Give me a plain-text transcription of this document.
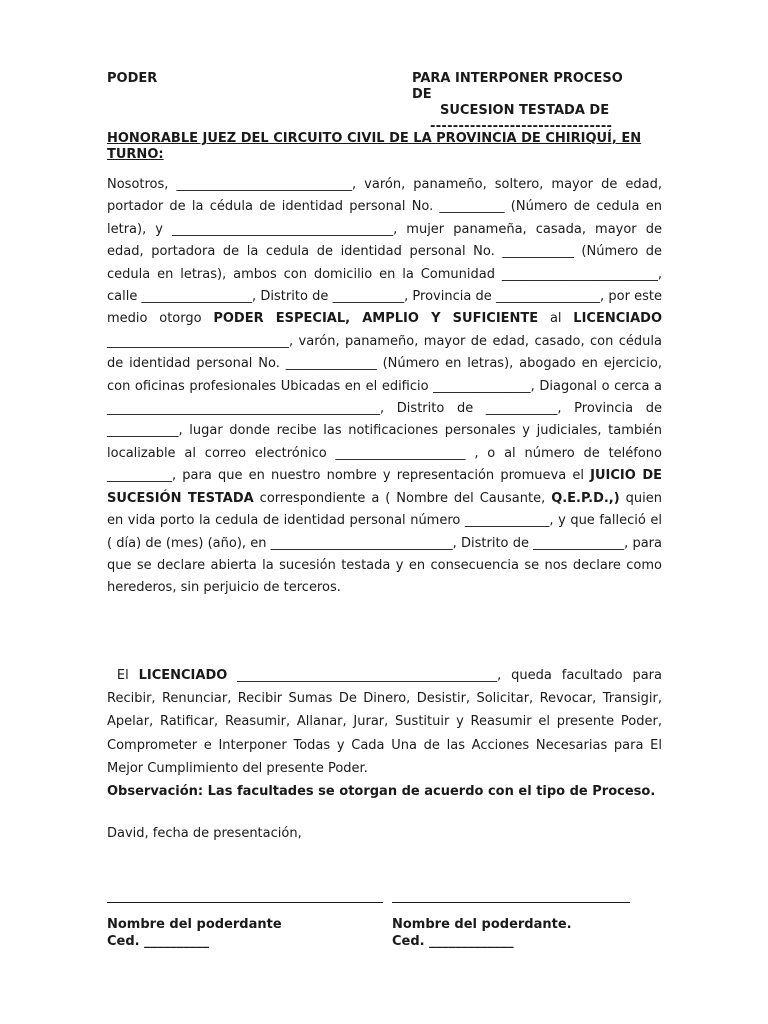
PODER	PARA INTERPONER PROCESO DE
SUCESION TESTADA DE
--------------------------------
HONORABLE JUEZ DEL CIRCUITO CIVIL DE LA PROVINCIA DE CHIRIQUÍ, EN TURNO:

Nosotros, ___________________________, varón, panameño, soltero, mayor de edad, portador de la cédula de identidad personal No. __________ (Número de cedula en letra), y __________________________________, mujer panameña, casada, mayor de edad, portadora de la cedula de identidad personal No. ___________ (Número de cedula en letras), ambos con domicilio en la Comunidad ________________________, calle _________________, Distrito de ___________, Provincia de ________________, por este medio otorgo PODER ESPECIAL, AMPLIO Y SUFICIENTE al LICENCIADO ____________________________, varón, panameño, mayor de edad, casado, con cédula de identidad personal No. ______________ (Número en letras), abogado en ejercicio, con oficinas profesionales Ubicadas en el edificio _______________, Diagonal o cerca a __________________________________________, Distrito de ___________, Provincia de ___________, lugar donde recibe las notificaciones personales y judiciales, también localizable al correo electrónico ____________________ , o al número de teléfono __________, para que en nuestro nombre y representación promueva el JUICIO DE SUCESIÓN TESTADA correspondiente a ( Nombre del Causante, Q.E.P.D.,) quien en vida porto la cedula de identidad personal número _____________, y que falleció el ( día) de (mes) (año), en ____________________________, Distrito de ______________, para que se declare abierta la sucesión testada y en consecuencia se nos declare como herederos, sin perjuicio de terceros.

El LICENCIADO ________________________________________, queda facultado para Recibir, Renunciar, Recibir Sumas De Dinero, Desistir, Solicitar, Revocar, Transigir, Apelar, Ratificar, Reasumir, Allanar, Jurar, Sustituir y Reasumir el presente Poder, Comprometer e Interponer Todas y Cada Una de las Acciones Necesarias para El Mejor Cumplimiento del presente Poder.

Observación: Las facultades se otorgan de acuerdo con el tipo de Proceso.

David, fecha de presentación,
Nombre del poderdante
Ced. __________
Nombre del poderdante.
Ced. _____________
